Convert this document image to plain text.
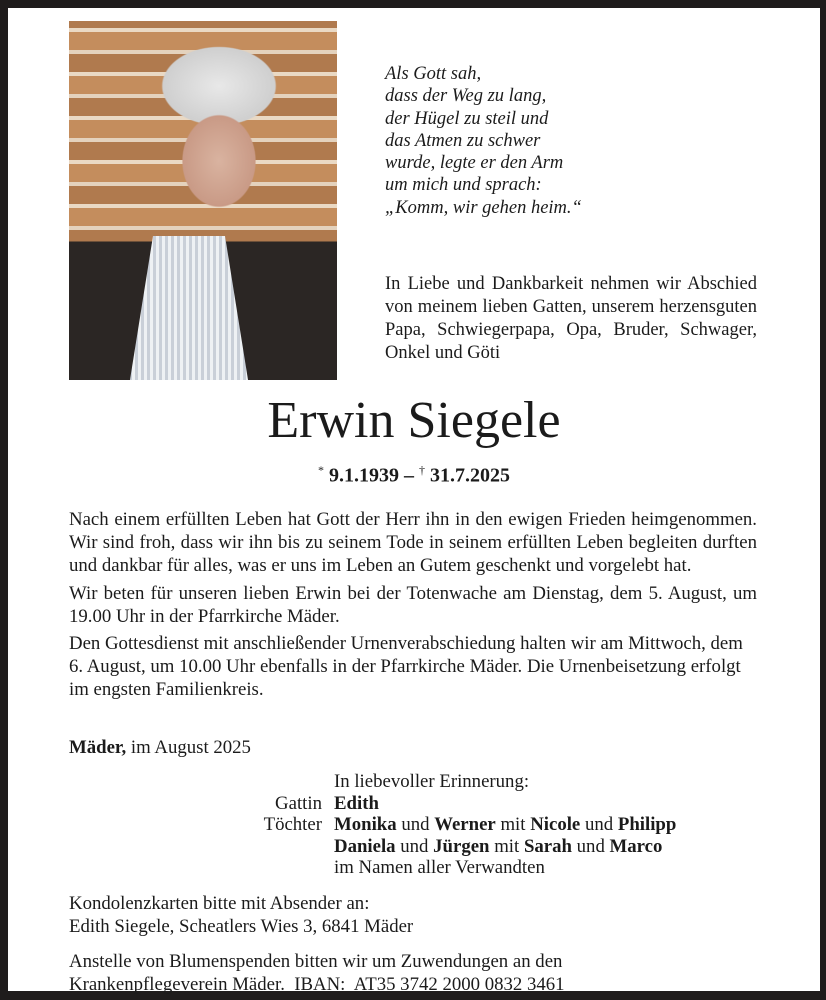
Als Gott sah,
dass der Weg zu lang,
der Hügel zu steil und
das Atmen zu schwer
wurde, legte er den Arm
um mich und sprach:
„Komm, wir gehen heim.“
In Liebe und Dankbarkeit nehmen wir Abschied von meinem lieben Gatten, unserem herzensguten Papa, Schwiegerpapa, Opa, Bruder, Schwager, Onkel und Göti
Erwin Siegele
* 9.1.1939 – † 31.7.2025

Nach einem erfüllten Leben hat Gott der Herr ihn in den ewigen Frieden heimgenommen. Wir sind froh, dass wir ihn bis zu seinem Tode in seinem erfüllten Leben begleiten durften und dankbar für alles, was er uns im Leben an Gutem geschenkt und vorgelebt hat.

Wir beten für unseren lieben Erwin bei der Totenwache am Dienstag, dem 5. August, um 19.00 Uhr in der Pfarrkirche Mäder.

Den Gottesdienst mit anschließender Urnenverabschiedung halten wir am Mittwoch, dem 6. August, um 10.00 Uhr ebenfalls in der Pfarrkirche Mäder. Die Urnenbeisetzung erfolgt im engsten Familienkreis.

Mäder, im August 2025
In liebevoller Erinnerung:
Gattin Edith
Töchter Monika und Werner mit Nicole und Philipp
Daniela und Jürgen mit Sarah und Marco
im Namen aller Verwandten
Kondolenzkarten bitte mit Absender an:
Edith Siegele, Scheatlers Wies 3, 6841 Mäder
Anstelle von Blumenspenden bitten wir um Zuwendungen an den
Krankenpflegeverein Mäder.  IBAN:  AT35 3742 2000 0832 3461
